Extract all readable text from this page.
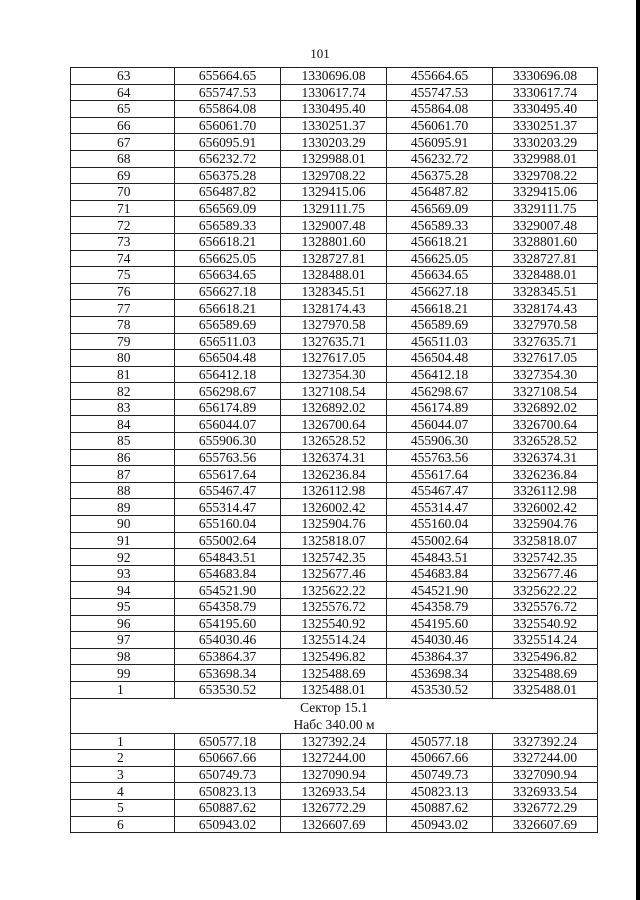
101
63	655664.65	1330696.08	455664.65	3330696.08
64	655747.53	1330617.74	455747.53	3330617.74
65	655864.08	1330495.40	455864.08	3330495.40
66	656061.70	1330251.37	456061.70	3330251.37
67	656095.91	1330203.29	456095.91	3330203.29
68	656232.72	1329988.01	456232.72	3329988.01
69	656375.28	1329708.22	456375.28	3329708.22
70	656487.82	1329415.06	456487.82	3329415.06
71	656569.09	1329111.75	456569.09	3329111.75
72	656589.33	1329007.48	456589.33	3329007.48
73	656618.21	1328801.60	456618.21	3328801.60
74	656625.05	1328727.81	456625.05	3328727.81
75	656634.65	1328488.01	456634.65	3328488.01
76	656627.18	1328345.51	456627.18	3328345.51
77	656618.21	1328174.43	456618.21	3328174.43
78	656589.69	1327970.58	456589.69	3327970.58
79	656511.03	1327635.71	456511.03	3327635.71
80	656504.48	1327617.05	456504.48	3327617.05
81	656412.18	1327354.30	456412.18	3327354.30
82	656298.67	1327108.54	456298.67	3327108.54
83	656174.89	1326892.02	456174.89	3326892.02
84	656044.07	1326700.64	456044.07	3326700.64
85	655906.30	1326528.52	455906.30	3326528.52
86	655763.56	1326374.31	455763.56	3326374.31
87	655617.64	1326236.84	455617.64	3326236.84
88	655467.47	1326112.98	455467.47	3326112.98
89	655314.47	1326002.42	455314.47	3326002.42
90	655160.04	1325904.76	455160.04	3325904.76
91	655002.64	1325818.07	455002.64	3325818.07
92	654843.51	1325742.35	454843.51	3325742.35
93	654683.84	1325677.46	454683.84	3325677.46
94	654521.90	1325622.22	454521.90	3325622.22
95	654358.79	1325576.72	454358.79	3325576.72
96	654195.60	1325540.92	454195.60	3325540.92
97	654030.46	1325514.24	454030.46	3325514.24
98	653864.37	1325496.82	453864.37	3325496.82
99	653698.34	1325488.69	453698.34	3325488.69
1	653530.52	1325488.01	453530.52	3325488.01
Сектор 15.1				
Набс 340.00 м				
1	650577.18	1327392.24	450577.18	3327392.24
2	650667.66	1327244.00	450667.66	3327244.00
3	650749.73	1327090.94	450749.73	3327090.94
4	650823.13	1326933.54	450823.13	3326933.54
5	650887.62	1326772.29	450887.62	3326772.29
6	650943.02	1326607.69	450943.02	3326607.69
